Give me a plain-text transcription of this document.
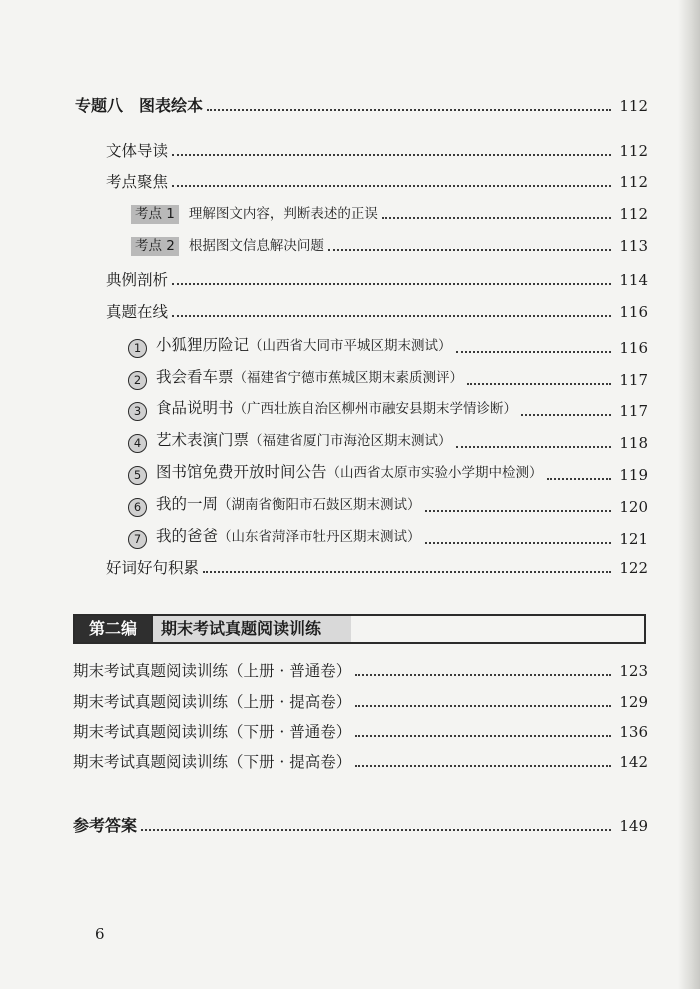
专题八　图表绘本	112
文体导读	112
考点聚焦	112
考点 1 理解图文内容，判断表述的正误	112
考点 2 根据图文信息解决问题	113
典例剖析	114
真题在线	116
1 小狐狸历险记（山西省大同市平城区期末测试）	116
2 我会看车票（福建省宁德市蕉城区期末素质测评）	117
3 食品说明书（广西壮族自治区柳州市融安县期末学情诊断）	117
4 艺术表演门票（福建省厦门市海沧区期末测试）	118
5 图书馆免费开放时间公告（山西省太原市实验小学期中检测）	119
6 我的一周（湖南省衡阳市石鼓区期末测试）	120
7 我的爸爸（山东省菏泽市牡丹区期末测试）	121
好词好句积累	122
第二编	期末考试真题阅读训练
期末考试真题阅读训练（上册 · 普通卷）	123
期末考试真题阅读训练（上册 · 提高卷）	129
期末考试真题阅读训练（下册 · 普通卷）	136
期末考试真题阅读训练（下册 · 提高卷）	142
参考答案	149
6
